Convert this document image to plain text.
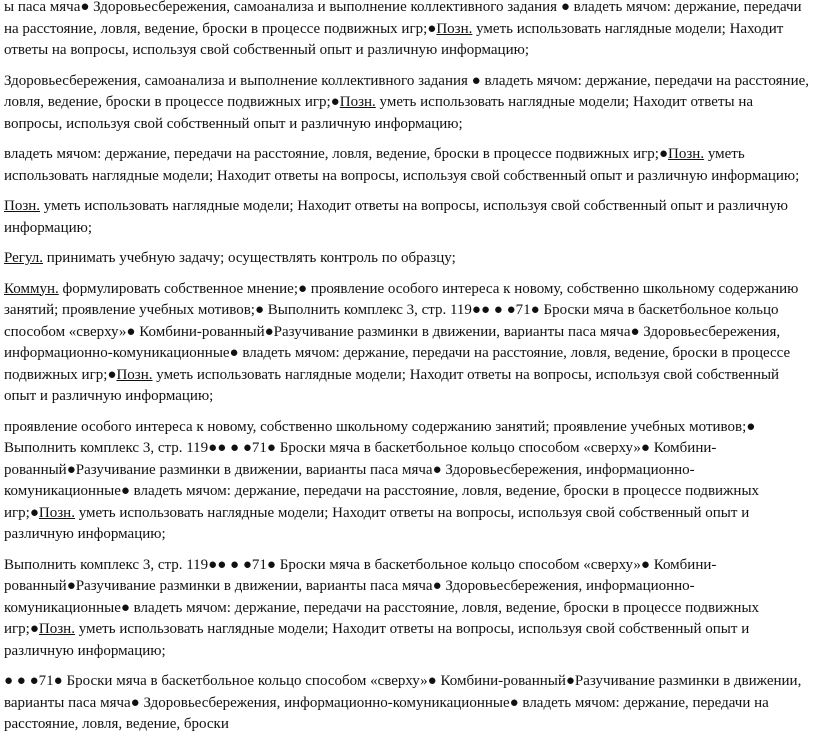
ы паса мяча● Здоровьесбережения, самоанализа и выполнение коллективного задания ● владеть мячом: держание, передачи на расстояние, ловля, ведение, броски в процессе подвижных игр;●Позн. уметь использовать наглядные модели; Находит ответы на вопросы, используя свой собственный опыт и различную информацию;

Здоровьесбережения, самоанализа и выполнение коллективного задания ● владеть мячом: держание, передачи на расстояние, ловля, ведение, броски в процессе подвижных игр;●Позн. уметь использовать наглядные модели; Находит ответы на вопросы, используя свой собственный опыт и различную информацию;

владеть мячом: держание, передачи на расстояние, ловля, ведение, броски в процессе подвижных игр;●Позн. уметь использовать наглядные модели; Находит ответы на вопросы, используя свой собственный опыт и различную информацию;

Позн. уметь использовать наглядные модели; Находит ответы на вопросы, используя свой собственный опыт и различную информацию;

Регул. принимать учебную задачу; осуществлять контроль по образцу;

Коммун. формулировать собственное мнение;● проявление особого интереса к новому, собственно школьному содержанию занятий; проявление учебных мотивов;● Выполнить комплекс 3, стр. 119●● ● ●71● Броски мяча в баскетбольное кольцо способом «сверху»● Комбини-рованный●Разучивание разминки в движении, варианты паса мяча● Здоровьесбережения, информационно-комуникационные● владеть мячом: держание, передачи на расстояние, ловля, ведение, броски в процессе подвижных игр;●Позн. уметь использовать наглядные модели; Находит ответы на вопросы, используя свой собственный опыт и различную информацию;

проявление особого интереса к новому, собственно школьному содержанию занятий; проявление учебных мотивов;● Выполнить комплекс 3, стр. 119●● ● ●71● Броски мяча в баскетбольное кольцо способом «сверху»● Комбини-рованный●Разучивание разминки в движении, варианты паса мяча● Здоровьесбережения, информационно-комуникационные● владеть мячом: держание, передачи на расстояние, ловля, ведение, броски в процессе подвижных игр;●Позн. уметь использовать наглядные модели; Находит ответы на вопросы, используя свой собственный опыт и различную информацию;

Выполнить комплекс 3, стр. 119●● ● ●71● Броски мяча в баскетбольное кольцо способом «сверху»● Комбини-рованный●Разучивание разминки в движении, варианты паса мяча● Здоровьесбережения, информационно-комуникационные● владеть мячом: держание, передачи на расстояние, ловля, ведение, броски в процессе подвижных игр;●Позн. уметь использовать наглядные модели; Находит ответы на вопросы, используя свой собственный опыт и различную информацию;

● ● ●71● Броски мяча в баскетбольное кольцо способом «сверху»● Комбини-рованный●Разучивание разминки в движении, варианты паса мяча● Здоровьесбережения, информационно-комуникационные● владеть мячом: держание, передачи на расстояние, ловля, ведение, броски
